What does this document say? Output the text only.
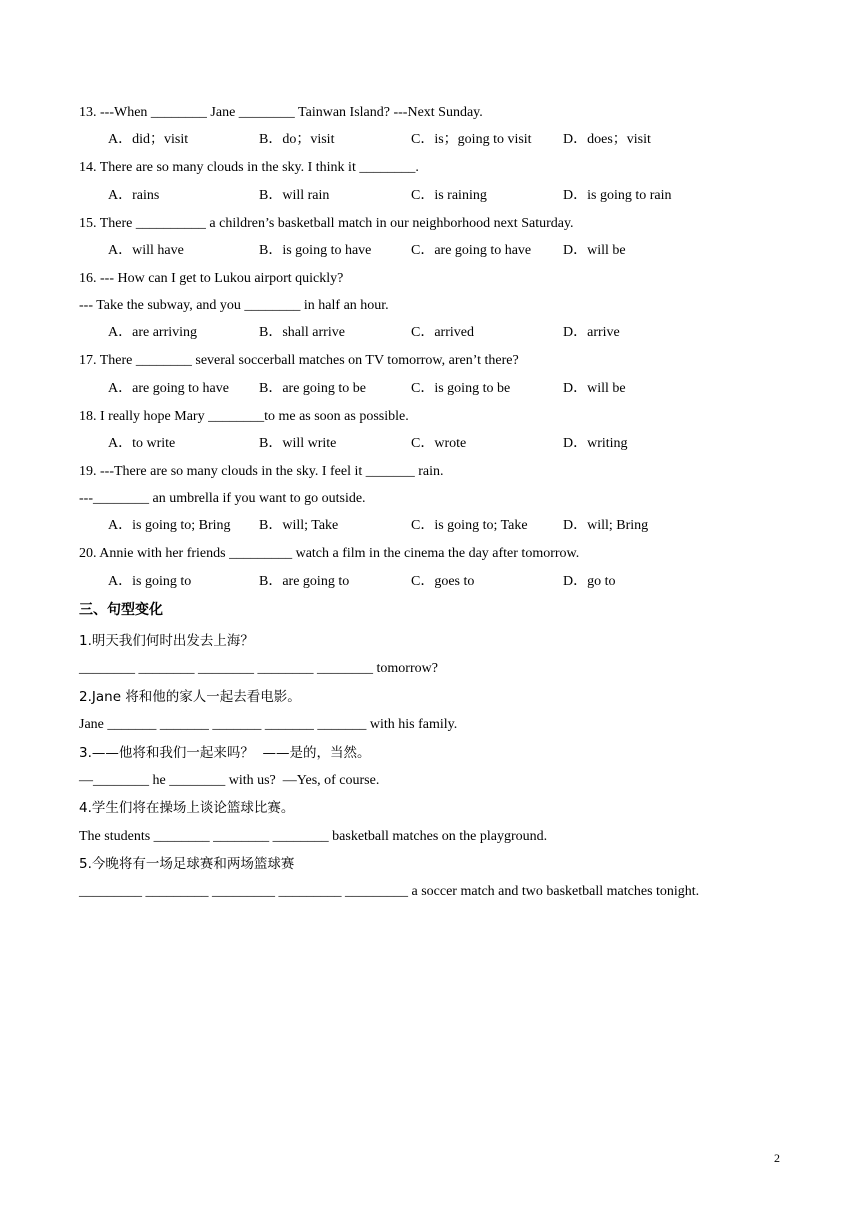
13. ---When ________ Jane ________ Tainwan Island? ---Next Sunday.
A．did；visit	B．do；visit	C．is；going to visit D．does；visit
14. There are so many clouds in the sky. I think it ________.
A．rains	B．will rain	C．is raining	D．is going to rain
15. There __________ a children’s basketball match in our neighborhood next Saturday.
A．will have	B．is going to have	C．are going to have D．will be
16. --- How can I get to Lukou airport quickly?
--- Take the subway, and you ________ in half an hour.
A．are arriving	B．shall arrive	C．arrived	D．arrive
17. There ________ several soccerball matches on TV tomorrow, aren’t there?
A．are going to have B．are going to be	C．is going to be	D．will be
18. I really hope Mary ________to me as soon as possible.
A．to write	B．will write	C．wrote	D．writing
19. ---There are so many clouds in the sky. I feel it _______ rain.
---________ an umbrella if you want to go outside.
A．is going to; Bring B．will; Take	C．is going to; Take	D．will; Bring
20. Annie with her friends _________ watch a film in the cinema the day after tomorrow.
A．is going to	B．are going to	C．goes to	D．go to
三、句型变化
1.明天我们何时出发去上海？
________ ________ ________ ________ ________ tomorrow?
2.Jane 将和他的家人一起去看电影。
Jane _______ _______ _______ _______ _______ with his family.
3.——他将和我们一起来吗？  ——是的，当然。
—________ he ________ with us?  —Yes, of course.
4.学生们将在操场上谈论篮球比赛。
The students ________ ________ ________ basketball matches on the playground.
5.今晚将有一场足球赛和两场篮球赛
_________ _________ _________ _________ _________ a soccer match and two basketball matches tonight.
2
